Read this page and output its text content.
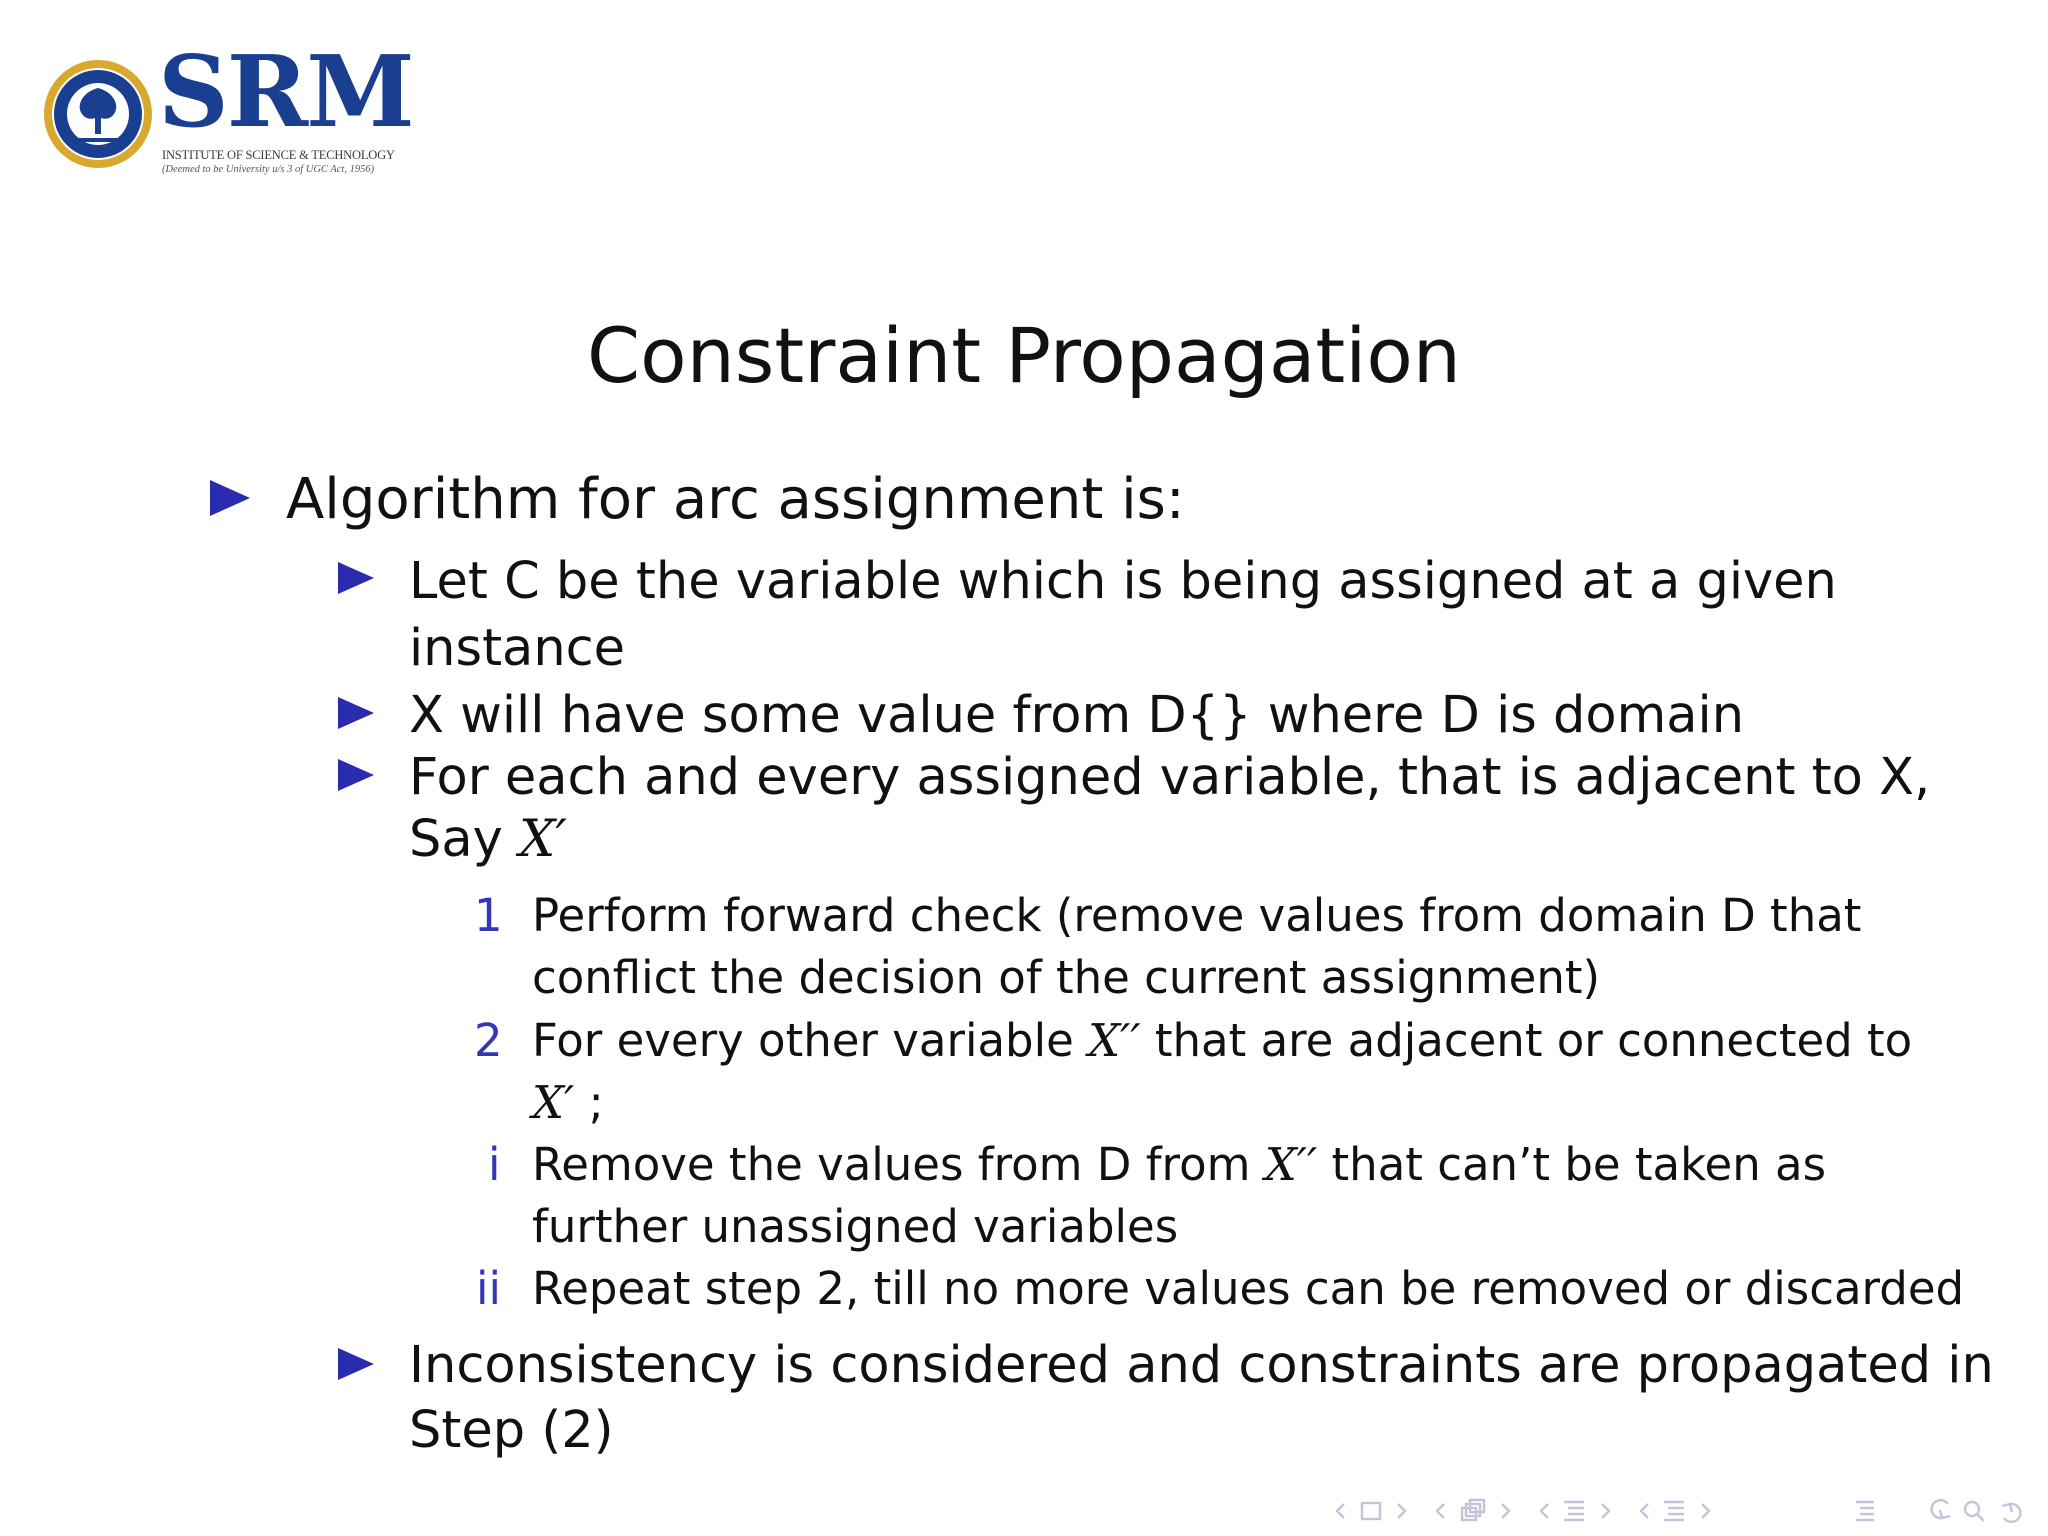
SRM
INSTITUTE OF SCIENCE & TECHNOLOGY
(Deemed to be University u/s 3 of UGC Act, 1956)
Constraint Propagation
Algorithm for arc assignment is:
Let C be the variable which is being assigned at a given
instance
X will have some value from D{} where D is domain
For each and every assigned variable, that is adjacent to X,
Say X′
1 Perform forward check (remove values from domain D that
conflict the decision of the current assignment)
2 For every other variable X′′ that are adjacent or connected to
X′ ;
i Remove the values from D from X′′ that can’t be taken as
further unassigned variables
ii Repeat step 2, till no more values can be removed or discarded
Inconsistency is considered and constraints are propagated in
Step (2)
